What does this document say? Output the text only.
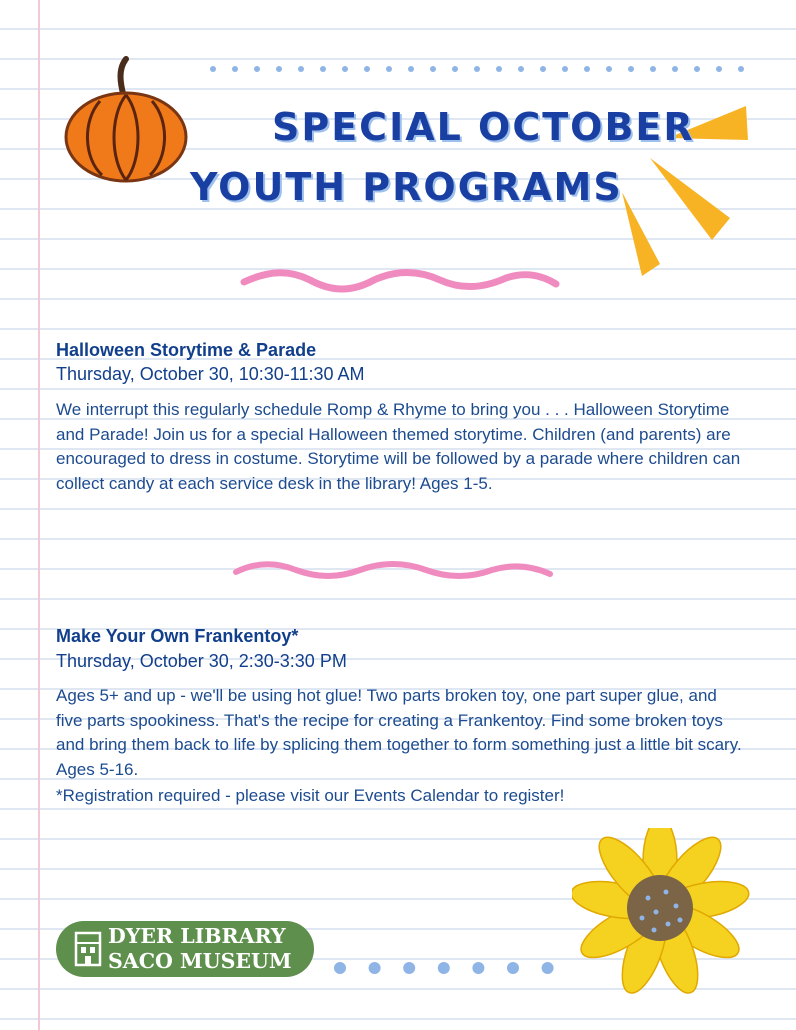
SPECIAL OCTOBER
YOUTH PROGRAMS
Halloween Storytime & Parade

Thursday, October 30, 10:30-11:30 AM

We interrupt this regularly schedule Romp & Rhyme to bring you . . . Halloween Storytime and Parade! Join us for a special Halloween themed storytime. Children (and parents) are encouraged to dress in costume. Storytime will be followed by a parade where children can collect candy at each service desk in the library! Ages 1-5.

Make Your Own Frankentoy*

Thursday, October 30, 2:30-3:30 PM

Ages 5+ and up - we'll be using hot glue! Two parts broken toy, one part super glue, and five parts spookiness. That's the recipe for creating a Frankentoy. Find some broken toys and bring them back to life by splicing them together to form something just a little bit scary. Ages 5-16.

*Registration required - please visit our Events Calendar to register!

DYER LIBRARY
SACO MUSEUM
